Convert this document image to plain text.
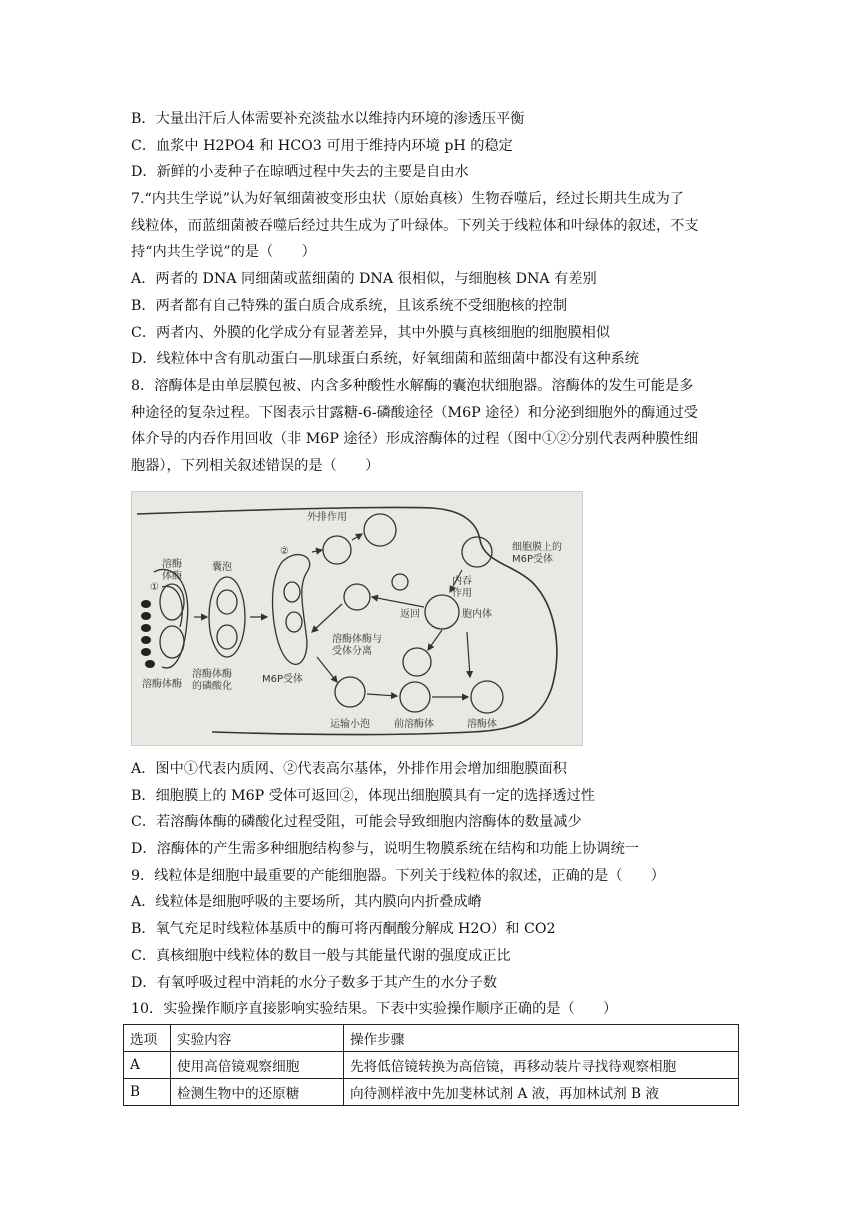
B．大量出汗后人体需要补充淡盐水以维持内环境的渗透压平衡
C．血浆中 H2PO4 和 HCO3 可用于维持内环境 pH 的稳定
D．新鲜的小麦种子在晾晒过程中失去的主要是自由水
7.“内共生学说”认为好氧细菌被变形虫状（原始真核）生物吞噬后，经过长期共生成为了
线粒体，而蓝细菌被吞噬后经过共生成为了叶绿体。下列关于线粒体和叶绿体的叙述，不支
持“内共生学说”的是（　　）
A．两者的 DNA 同细菌或蓝细菌的 DNA 很相似，与细胞核 DNA 有差别
B．两者都有自己特殊的蛋白质合成系统，且该系统不受细胞核的控制
C．两者内、外膜的化学成分有显著差异，其中外膜与真核细胞的细胞膜相似
D．线粒体中含有肌动蛋白—肌球蛋白系统，好氧细菌和蓝细菌中都没有这种系统
8．溶酶体是由单层膜包被、内含多种酸性水解酶的囊泡状细胞器。溶酶体的发生可能是多
种途径的复杂过程。下图表示甘露糖-6-磷酸途径（M6P 途径）和分泌到细胞外的酶通过受
体介导的内吞作用回收（非 M6P 途径）形成溶酶体的过程（图中①②分别代表两种膜性细
胞器），下列相关叙述错误的是（　　）
外排作用
细胞膜上的
M6P受体
内吞
作用
溶酶
体酶
囊泡
①
②
返回	胞内体
溶酶体酶与
受体分离
溶酶体酶
溶酶体酶
的磷酸化
M6P受体
运输小泡 前溶酶体	溶酶体
A．图中①代表内质网、②代表高尔基体，外排作用会增加细胞膜面积
B．细胞膜上的 M6P 受体可返回②，体现出细胞膜具有一定的选择透过性
C．若溶酶体酶的磷酸化过程受阻，可能会导致细胞内溶酶体的数量减少
D．溶酶体的产生需多种细胞结构参与，说明生物膜系统在结构和功能上协调统一
9．线粒体是细胞中最重要的产能细胞器。下列关于线粒体的叙述，正确的是（　　）
A．线粒体是细胞呼吸的主要场所，其内膜向内折叠成嵴
B．氧气充足时线粒体基质中的酶可将丙酮酸分解成 H2O）和 CO2
C．真核细胞中线粒体的数目一般与其能量代谢的强度成正比
D．有氧呼吸过程中消耗的水分子数多于其产生的水分子数
10．实验操作顺序直接影响实验结果。下表中实验操作顺序正确的是（　　）
选项	实验内容	操作步骤
A	使用高倍镜观察细胞	先将低倍镜转换为高倍镜，再移动装片寻找待观察相胞
B	检测生物中的还原糖	向待测样液中先加斐林试剂 A 液，再加林试剂 B 液
